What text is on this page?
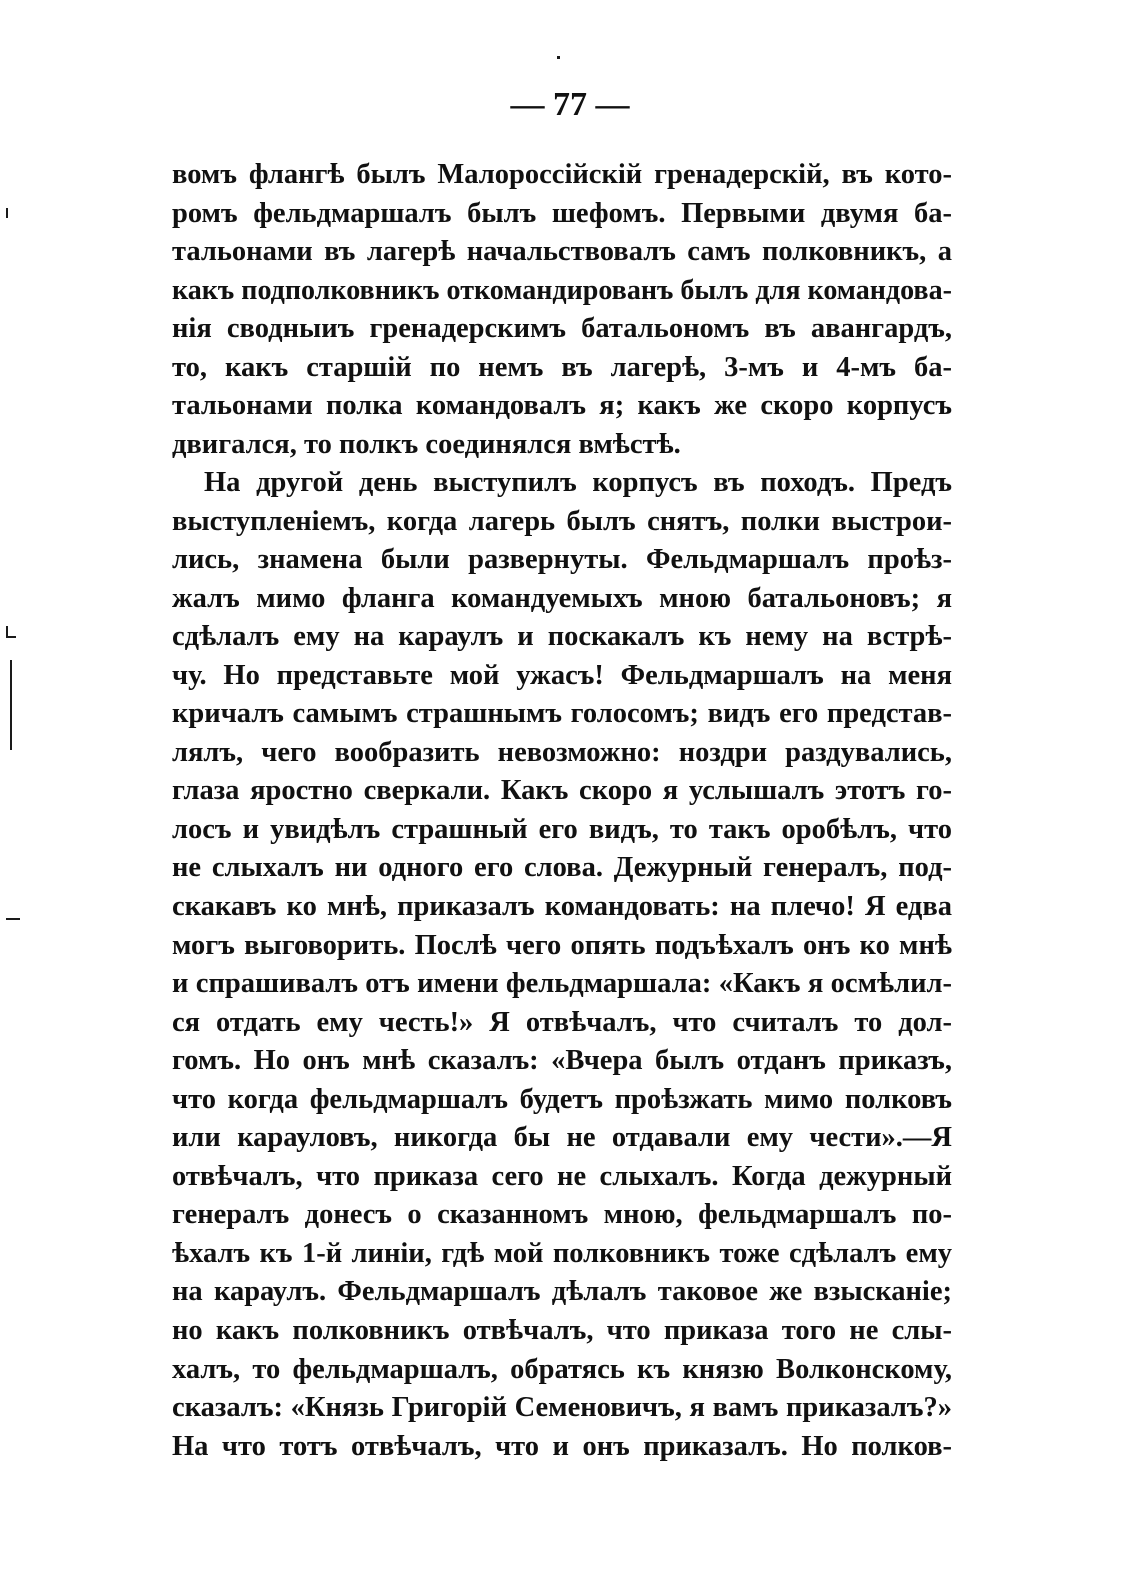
— 77 —
вомъ флангѣ былъ Малороссійскій гренадерскій, въ кото-
ромъ фельдмаршалъ былъ шефомъ. Первыми двумя ба-
тальонами въ лагерѣ начальствовалъ самъ полковникъ, а
какъ подполковникъ откомандированъ былъ для командова-
нія сводныиъ гренадерскимъ батальономъ въ авангардъ,
то, какъ старшій по немъ въ лагерѣ, 3-мъ и 4-мъ ба-
тальонами полка командовалъ я; какъ же скоро корпусъ
двигался, то полкъ соединялся вмѣстѣ.
На другой день выступилъ корпусъ въ походъ. Предъ
выступленіемъ, когда лагерь былъ снятъ, полки выстрои-
лись, знамена были развернуты. Фельдмаршалъ проѣз-
жалъ мимо фланга командуемыхъ мною батальоновъ; я
сдѣлалъ ему на караулъ и поскакалъ къ нему на встрѣ-
чу. Но представьте мой ужасъ! Фельдмаршалъ на меня
кричалъ самымъ страшнымъ голосомъ; видъ его представ-
лялъ, чего вообразить невозможно: ноздри раздувались,
глаза яростно сверкали. Какъ скоро я услышалъ этотъ го-
лосъ и увидѣлъ страшный его видъ, то такъ оробѣлъ, что
не слыхалъ ни одного его слова. Дежурный генералъ, под-
скакавъ ко мнѣ, приказалъ командовать: на плечо! Я едва
могъ выговорить. Послѣ чего опять подъѣхалъ онъ ко мнѣ
и спрашивалъ отъ имени фельдмаршала: «Какъ я осмѣлил-
ся отдать ему честь!» Я отвѣчалъ, что считалъ то дол-
гомъ. Но онъ мнѣ сказалъ: «Вчера былъ отданъ приказъ,
что когда фельдмаршалъ будетъ проѣзжать мимо полковъ
или карауловъ, никогда бы не отдавали ему чести».—Я
отвѣчалъ, что приказа сего не слыхалъ. Когда дежурный
генералъ донесъ о сказанномъ мною, фельдмаршалъ по-
ѣхалъ къ 1-й линіи, гдѣ мой полковникъ тоже сдѣлалъ ему
на караулъ. Фельдмаршалъ дѣлалъ таковое же взысканіе;
но какъ полковникъ отвѣчалъ, что приказа того не слы-
халъ, то фельдмаршалъ, обратясь къ князю Волконскому,
сказалъ: «Князь Григорій Семеновичъ, я вамъ приказалъ?»
На что тотъ отвѣчалъ, что и онъ приказалъ. Но полков-
